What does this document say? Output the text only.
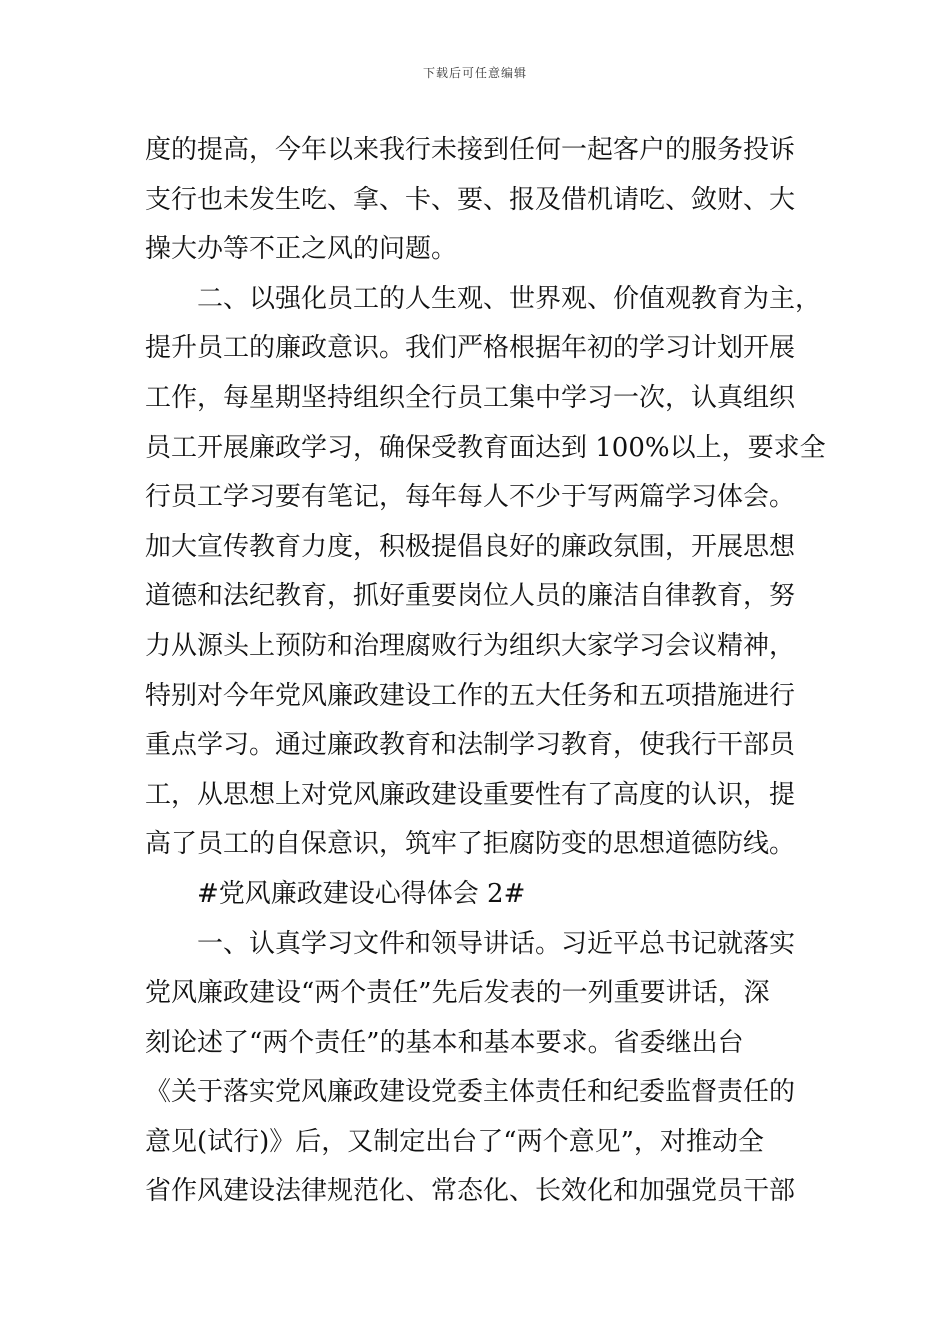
下载后可任意编辑
度的提高，今年以来我行未接到任何一起客户的服务投诉
支行也未发生吃、拿、卡、要、报及借机请吃、敛财、大
操大办等不正之风的问题。
二、以强化员工的人生观、世界观、价值观教育为主，
提升员工的廉政意识。我们严格根据年初的学习计划开展
工作，每星期坚持组织全行员工集中学习一次，认真组织
员工开展廉政学习，确保受教育面达到 100%以上，要求全
行员工学习要有笔记，每年每人不少于写两篇学习体会。
加大宣传教育力度，积极提倡良好的廉政氛围，开展思想
道德和法纪教育，抓好重要岗位人员的廉洁自律教育，努
力从源头上预防和治理腐败行为组织大家学习会议精神，
特别对今年党风廉政建设工作的五大任务和五项措施进行
重点学习。通过廉政教育和法制学习教育，使我行干部员
工，从思想上对党风廉政建设重要性有了高度的认识，提
高了员工的自保意识，筑牢了拒腐防变的思想道德防线。
#党风廉政建设心得体会 2#
一、认真学习文件和领导讲话。习近平总书记就落实
党风廉政建设“两个责任”先后发表的一列重要讲话，深
刻论述了“两个责任”的基本和基本要求。省委继出台
《关于落实党风廉政建设党委主体责任和纪委监督责任的
意见(试行)》后，又制定出台了“两个意见”，对推动全
省作风建设法律规范化、常态化、长效化和加强党员干部
